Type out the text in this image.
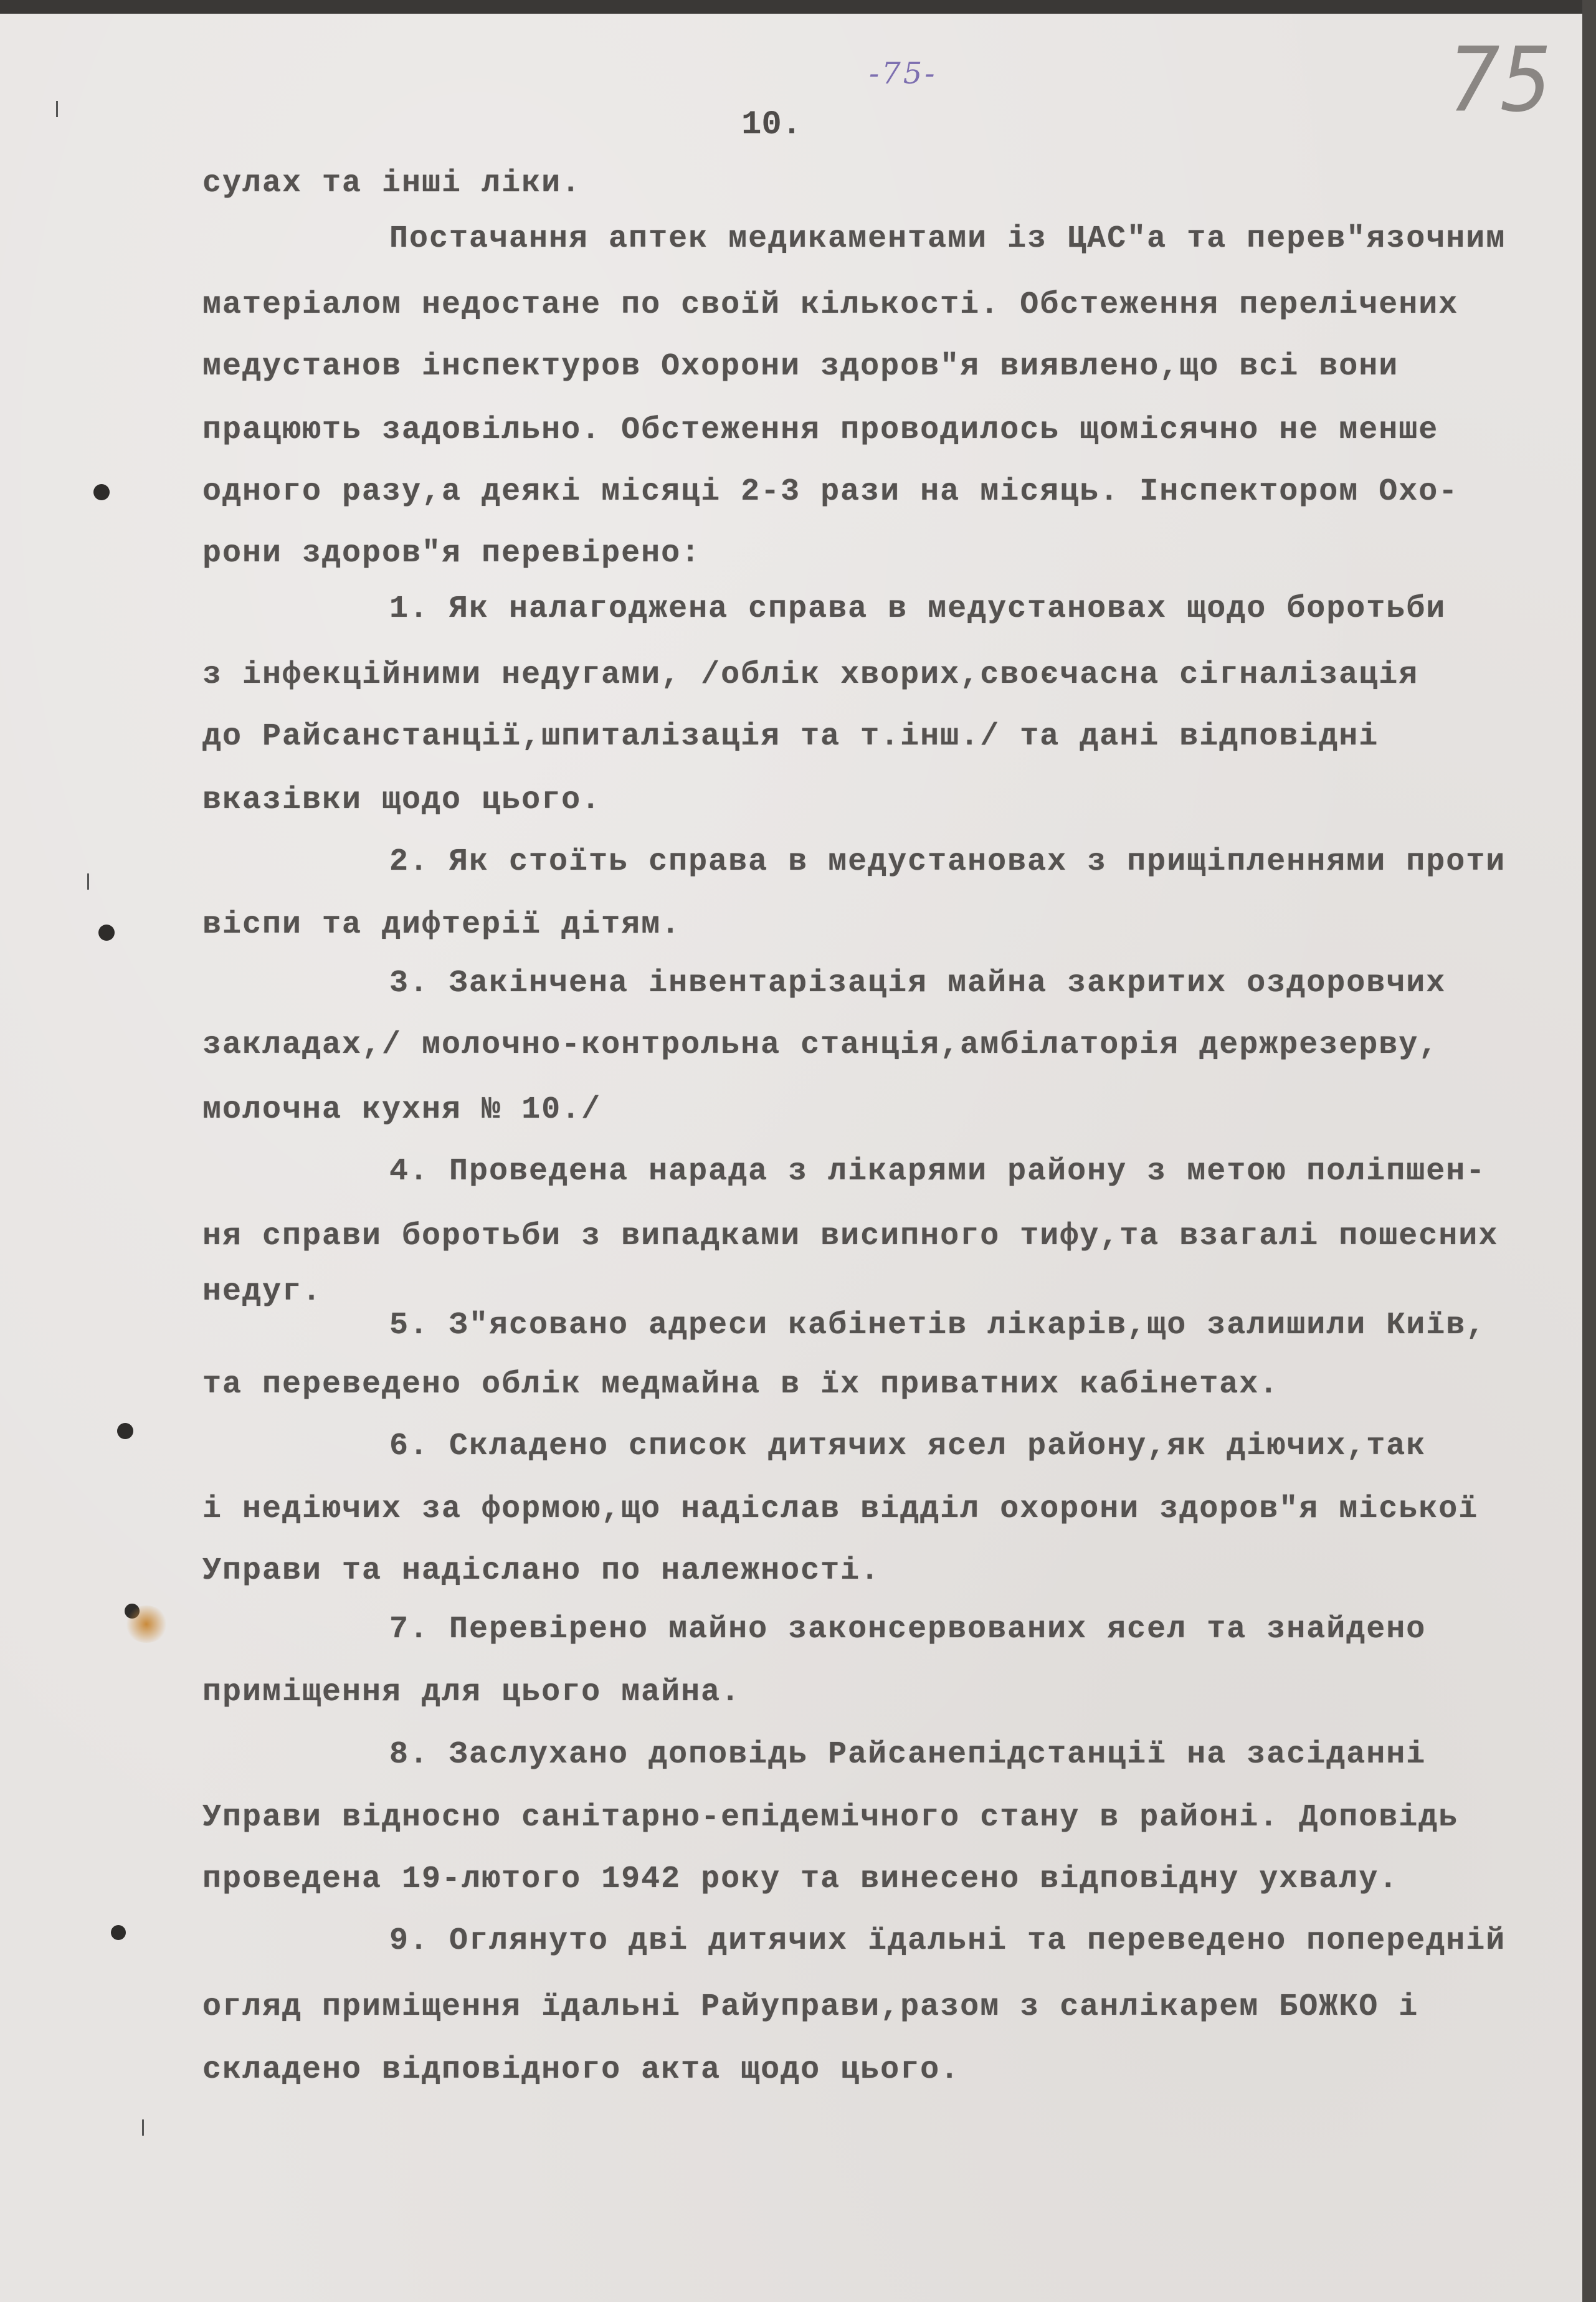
-75-	75
10.
сулах та інші ліки.
Постачання аптек медикаментами із ЦАС"а та перев"язочним
матеріалом недостане по своїй кількості. Обстеження перелічених
медустанов інспектуров Охорони здоров"я виявлено,що всі вони
працюють задовільно. Обстеження проводилось щомісячно не менше
одного разу,а деякі місяці 2-3 рази на місяць. Інспектором Охо-
рони здоров"я перевірено:
1. Як налагоджена справа в медустановах щодо боротьби
з інфекційними недугами, /облік хворих,своєчасна сігналізація
до Райсанстанції,шпиталізація та т.інш./ та дані відповідні
вказівки щодо цього.
2. Як стоїть справа в медустановах з прищіпленнями проти
віспи та дифтерії дітям.
3. Закінчена інвентарізація майна закритих оздоровчих
закладах,/ молочно-контрольна станція,амбілаторія держрезерву,
молочна кухня № 10./
4. Проведена нарада з лікарями району з метою поліпшен-
ня справи боротьби з випадками висипного тифу,та взагалі пошесних
недуг.
5. З"ясовано адреси кабінетів лікарів,що залишили Київ,
та переведено облік медмайна в їх приватних кабінетах.
6. Складено список дитячих ясел району,як діючих,так
і недіючих за формою,що надіслав відділ охорони здоров"я міської
Управи та надіслано по належності.
7. Перевірено майно законсервованих ясел та знайдено
приміщення для цього майна.
8. Заслухано доповідь Райсанепідстанції на засіданні
Управи відносно санітарно-епідемічного стану в районі. Доповідь
проведена 19-лютого 1942 року та винесено відповідну ухвалу.
9. Оглянуто дві дитячих їдальні та переведено попередній
огляд приміщення їдальні Райуправи,разом з санлікарем БОЖКО і
складено відповідного акта щодо цього.
